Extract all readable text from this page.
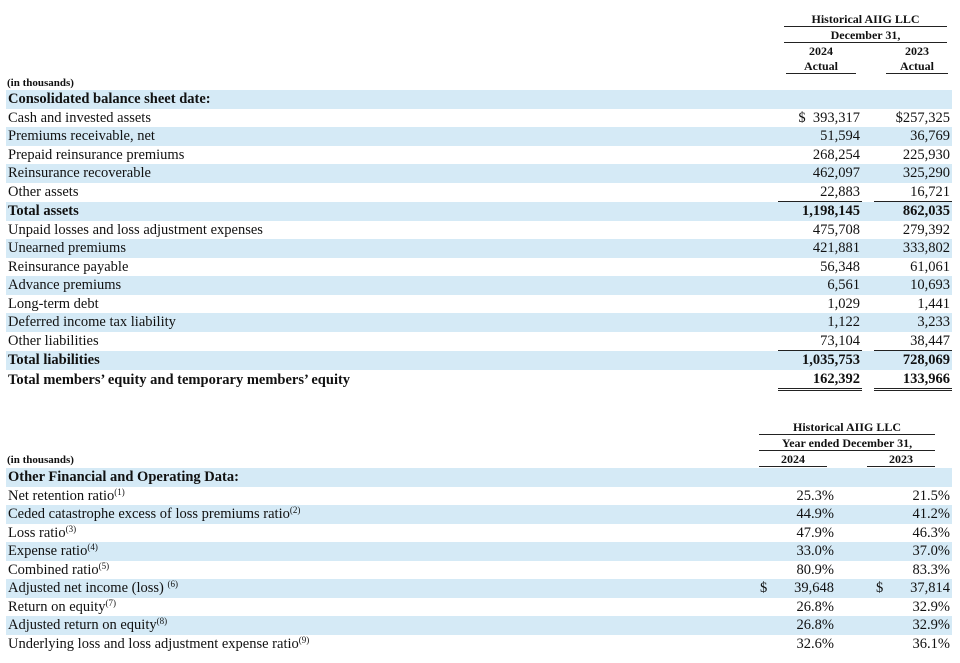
Historical AIIG LLC
December 31,
2024
Actual
2023
Actual
(in thousands)
Consolidated balance sheet date:			
Cash and invested assets	$  393,317		$257,325
Premiums receivable, net	51,594		36,769
Prepaid reinsurance premiums	268,254		225,930
Reinsurance recoverable	462,097		325,290
Other assets	22,883		16,721
Total assets	1,198,145		862,035
Unpaid losses and loss adjustment expenses	475,708		279,392
Unearned premiums	421,881		333,802
Reinsurance payable	56,348		61,061
Advance premiums	6,561		10,693
Long-term debt	1,029		1,441
Deferred income tax liability	1,122		3,233
Other liabilities	73,104		38,447
Total liabilities	1,035,753		728,069
Total members’ equity and temporary members’ equity	162,392		133,966
Historical AIIG LLC
Year ended December 31,
2024	2023
(in thousands)
Other Financial and Operating Data:			
Net retention ratio$^{(1)}$	25.3%		21.5%
Ceded catastrophe excess of loss premiums ratio$^{(2)}$	44.9%		41.2%
Loss ratio$^{(3)}$	47.9%		46.3%
Expense ratio$^{(4)}$	33.0%		37.0%
Combined ratio$^{(5)}$	80.9%		83.3%
Adjusted net income (loss) $^{(6)}$	$ 39,648		$ 37,814
Return on equity$^{(7)}$	26.8%		32.9%
Adjusted return on equity$^{(8)}$	26.8%		32.9%
Underlying loss and loss adjustment expense ratio$^{(9)}$	32.6%		36.1%
